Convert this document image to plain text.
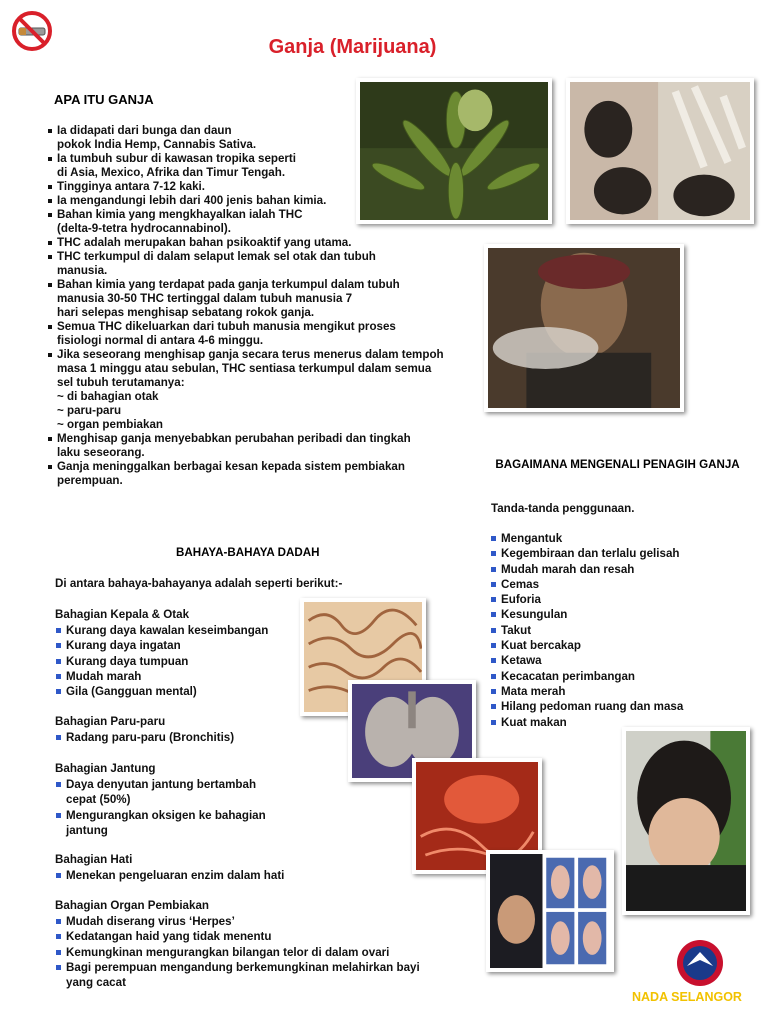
Ganja (Marijuana)
APA ITU GANJA
Ia didapati dari bunga dan daun
pokok India Hemp, Cannabis Sativa.
Ia tumbuh subur di kawasan tropika seperti
di Asia, Mexico, Afrika dan Timur Tengah.
Tingginya antara 7-12 kaki.
Ia mengandungi lebih dari 400 jenis bahan kimia.
Bahan kimia yang mengkhayalkan ialah THC
(delta-9-tetra hydrocannabinol).
THC adalah merupakan bahan psikoaktif yang utama.
THC terkumpul di dalam selaput lemak sel otak dan tubuh
manusia.
Bahan kimia yang terdapat pada ganja terkumpul dalam tubuh
manusia 30-50 THC tertinggal dalam tubuh manusia 7
hari selepas menghisap sebatang rokok ganja.
Semua THC dikeluarkan dari tubuh manusia mengikut proses
fisiologi normal di antara 4-6 minggu.
Jika seseorang menghisap ganja secara terus menerus dalam tempoh
masa 1 minggu atau sebulan, THC sentiasa terkumpul dalam semua
sel tubuh terutamanya:
~ di bahagian otak
~ paru-paru
~ organ pembiakan
Menghisap ganja menyebabkan perubahan peribadi dan tingkah
laku seseorang.
Ganja meninggalkan berbagai kesan kepada sistem pembiakan
perempuan.
BAGAIMANA MENGENALI PENAGIH GANJA
Tanda-tanda penggunaan.
Mengantuk
Kegembiraan dan terlalu gelisah
Mudah marah dan resah
Cemas
Euforia
Kesungulan
Takut
Kuat bercakap
Ketawa
Kecacatan perimbangan
Mata merah
Hilang pedoman ruang dan masa
Kuat makan
BAHAYA-BAHAYA DADAH
Di antara bahaya-bahayanya adalah seperti berikut:-
Bahagian Kepala & Otak
Kurang daya kawalan keseimbangan
Kurang daya ingatan
Kurang daya tumpuan
Mudah marah
Gila (Gangguan mental)
Bahagian Paru-paru
Radang paru-paru (Bronchitis)
Bahagian Jantung
Daya denyutan jantung bertambah
cepat (50%)
Mengurangkan oksigen ke bahagian
jantung
Bahagian Hati
Menekan pengeluaran enzim dalam hati
Bahagian Organ Pembiakan
Mudah diserang virus ‘Herpes’
Kedatangan haid yang tidak menentu
Kemungkinan mengurangkan bilangan telor di dalam ovari
Bagi perempuan mengandung berkemungkinan melahirkan bayi
yang cacat
NADA SELANGOR
